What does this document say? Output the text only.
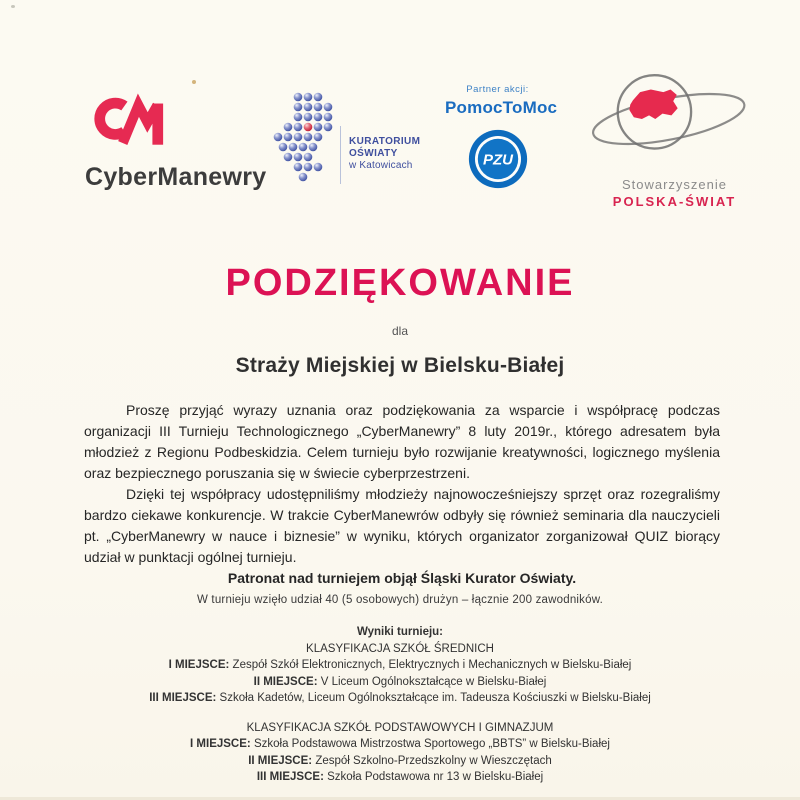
CyberManewry
KURATORIUM
OŚWIATY
w Katowicach
Partner akcji:
PomocToMoc
PZU
Stowarzyszenie
POLSKA-ŚWIAT
PODZIĘKOWANIE
dla
Straży Miejskiej w Bielsku-Białej

Proszę przyjąć wyrazy uznania oraz podziękowania za wsparcie i współpracę podczas organizacji III Turnieju Technologicznego „CyberManewry” 8 luty 2019r., którego adresatem była młodzież z Regionu Podbeskidzia. Celem turnieju było rozwijanie kreatywności, logicznego myślenia oraz bezpiecznego poruszania się w świecie cyberprzestrzeni.

Dzięki tej współpracy udostępniliśmy młodzieży najnowocześniejszy sprzęt oraz rozegraliśmy bardzo ciekawe konkurencje. W trakcie CyberManewrów odbyły się również seminaria dla nauczycieli pt. „CyberManewry w nauce i biznesie” w wyniku, których organizator zorganizował QUIZ biorący udział w punktacji ogólnej turnieju.

Patronat nad turniejem objął Śląski Kurator Oświaty.

W turnieju wzięło udział 40 (5 osobowych) drużyn – łącznie 200 zawodników.
Wyniki turnieju:
KLASYFIKACJA SZKÓŁ ŚREDNICH
I MIEJSCE: Zespół Szkół Elektronicznych, Elektrycznych i Mechanicznych w Bielsku-Białej
II MIEJSCE: V Liceum Ogólnokształcące w Bielsku-Białej
III MIEJSCE: Szkoła Kadetów, Liceum Ogólnokształcące im. Tadeusza Kościuszki w Bielsku-Białej
KLASYFIKACJA SZKÓŁ PODSTAWOWYCH I GIMNAZJUM
I MIEJSCE: Szkoła Podstawowa Mistrzostwa Sportowego „BBTS” w Bielsku-Białej
II MIEJSCE: Zespół Szkolno-Przedszkolny w Wieszczętach
III MIEJSCE: Szkoła Podstawowa nr 13 w Bielsku-Białej
